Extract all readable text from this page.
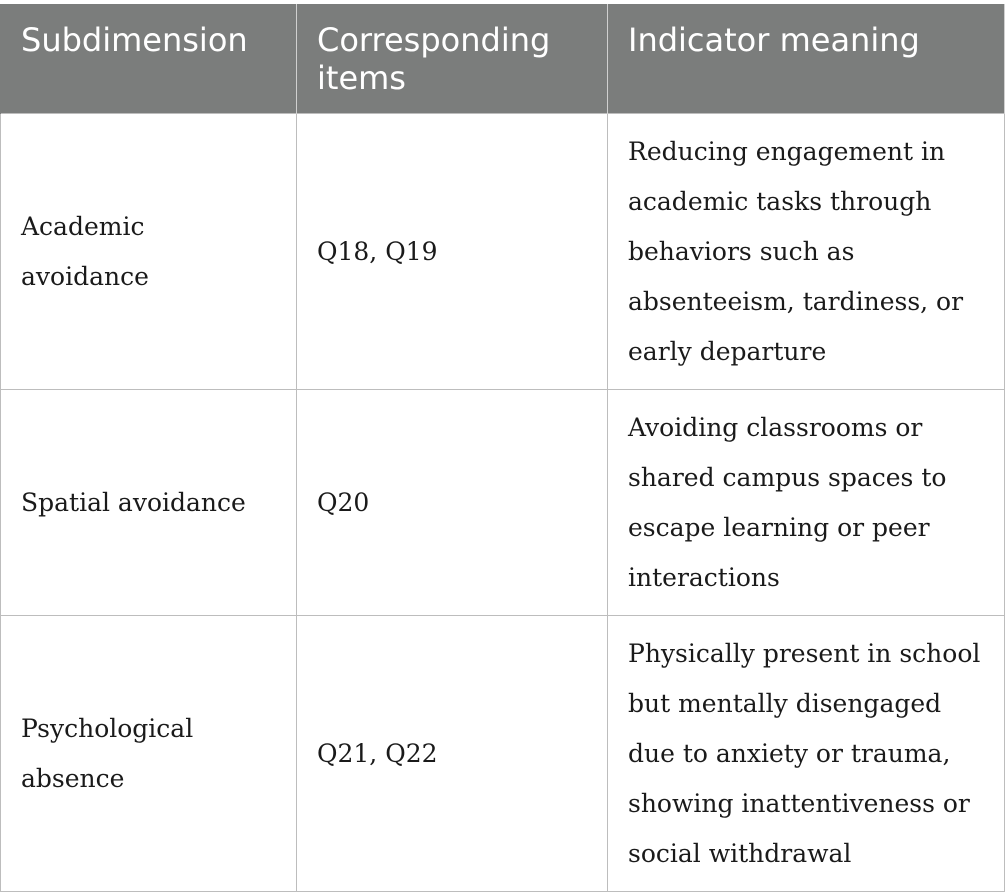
Subdimension	Corresponding items	Indicator meaning
Academic avoidance	Q18, Q19	Reducing engagement in academic tasks through behaviors such as absenteeism, tardiness, or early departure
Spatial avoidance	Q20	Avoiding classrooms or shared campus spaces to escape learning or peer interactions
Psychological absence	Q21, Q22	Physically present in school but mentally disengaged due to anxiety or trauma, showing inattentiveness or social withdrawal
